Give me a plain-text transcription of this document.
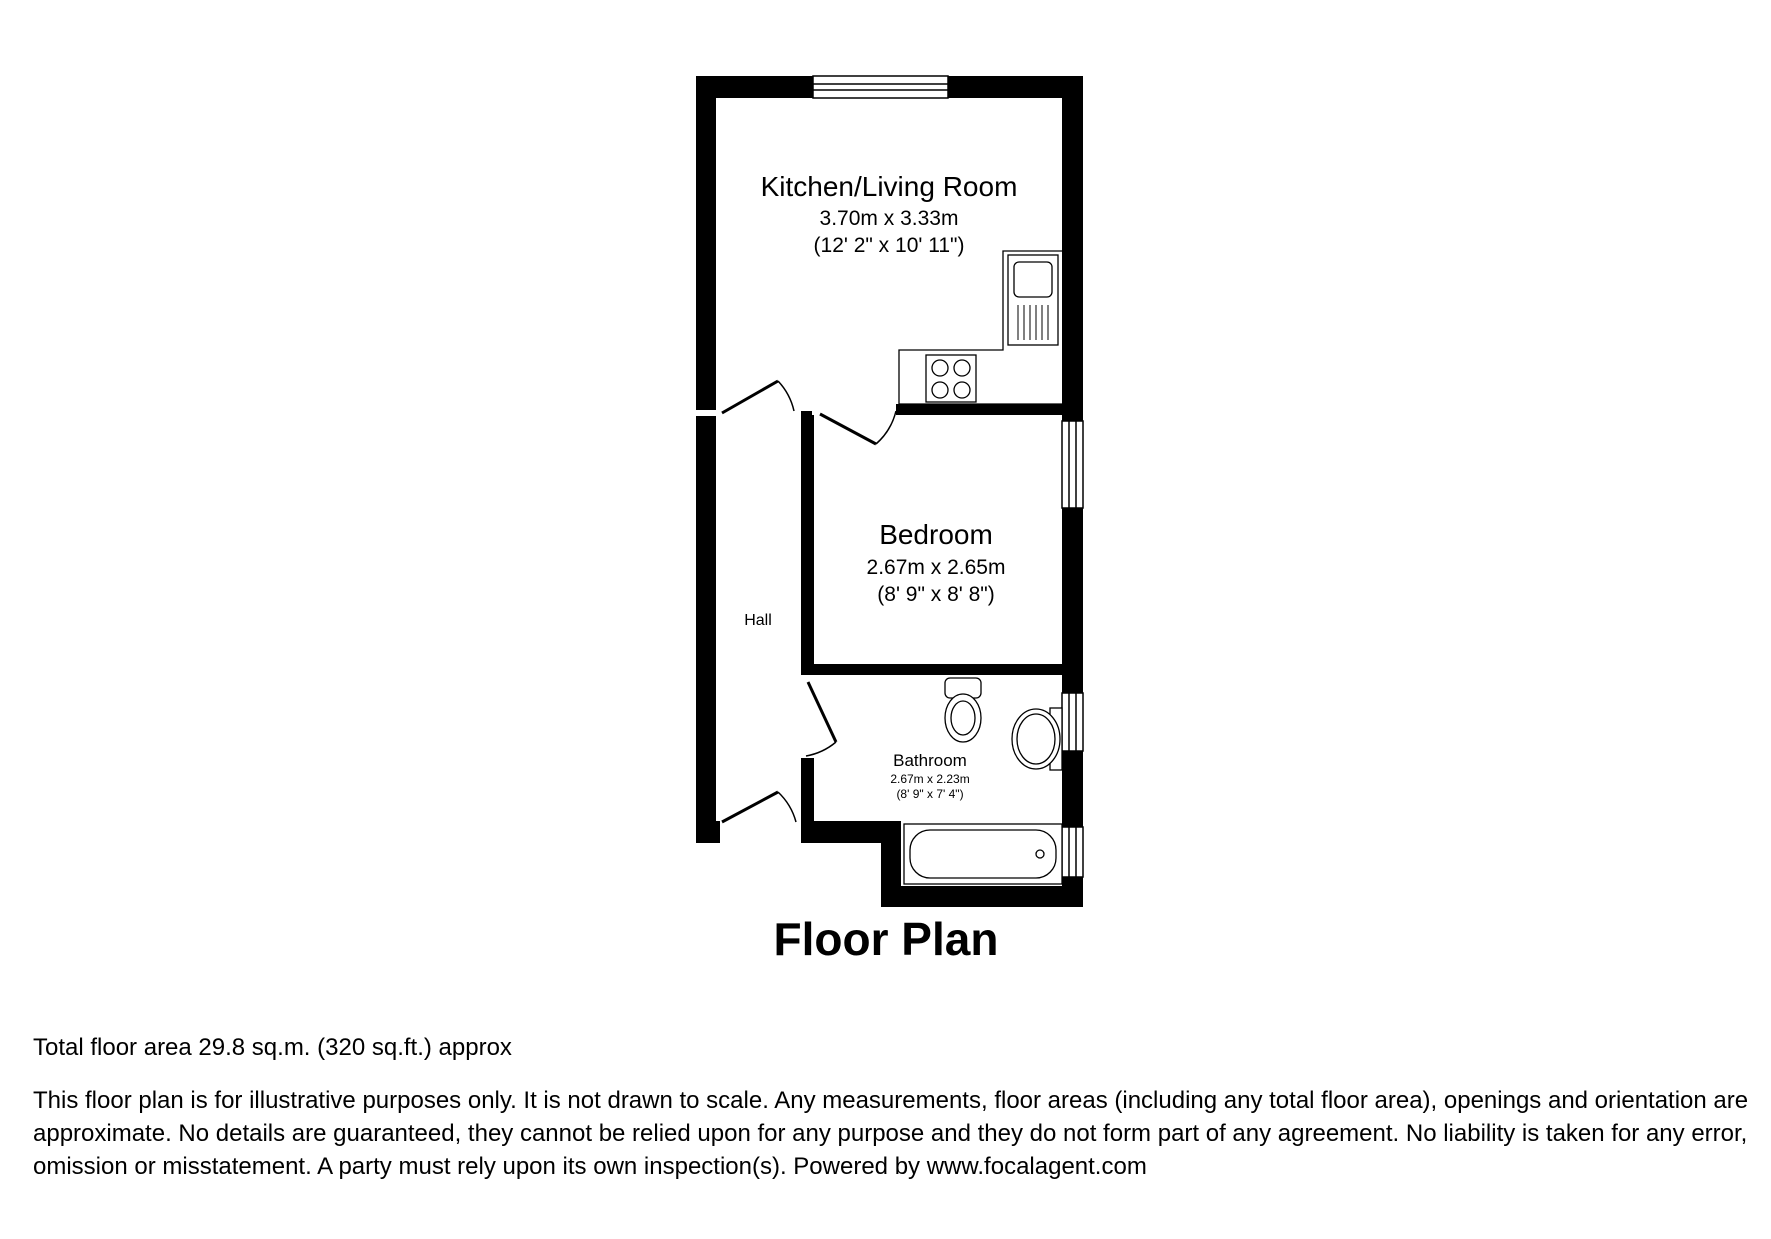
Kitchen/Living Room
3.70m x 3.33m
(12' 2" x 10' 11")
Bedroom
2.67m x 2.65m
(8' 9" x 8' 8")
Hall
Bathroom
2.67m x 2.23m
(8' 9" x 7' 4")
Floor Plan
Total floor area 29.8 sq.m. (320 sq.ft.) approx
This floor plan is for illustrative purposes only. It is not drawn to scale. Any measurements, floor areas (including any total floor area), openings and orientation are approximate. No details are guaranteed, they cannot be relied upon for any purpose and they do not form part of any agreement. No liability is taken for any error, omission or misstatement. A party must rely upon its own inspection(s). Powered by www.focalagent.com
